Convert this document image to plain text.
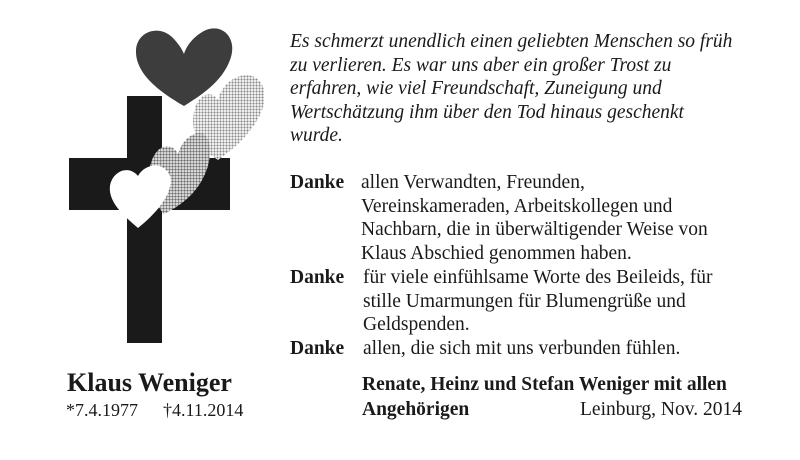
Es schmerzt unendlich einen geliebten Menschen so früh
zu verlieren. Es war uns aber ein großer Trost zu
erfahren, wie viel Freundschaft, Zuneigung und
Wertschätzung ihm über den Tod hinaus geschenkt
wurde.
Danke allen Verwandten, Freunden,
Vereinskameraden, Arbeitskollegen und
Nachbarn, die in überwältigender Weise von
Klaus Abschied genommen haben.
Danke für viele einfühlsame Worte des Beileids, für
stille Umarmungen für Blumengrüße und
Geldspenden.
Danke allen, die sich mit uns verbunden fühlen.
Klaus Weniger
*7.4.1977 †4.11.2014
Renate, Heinz und Stefan Weniger mit allen
Angehörigen	Leinburg, Nov. 2014
